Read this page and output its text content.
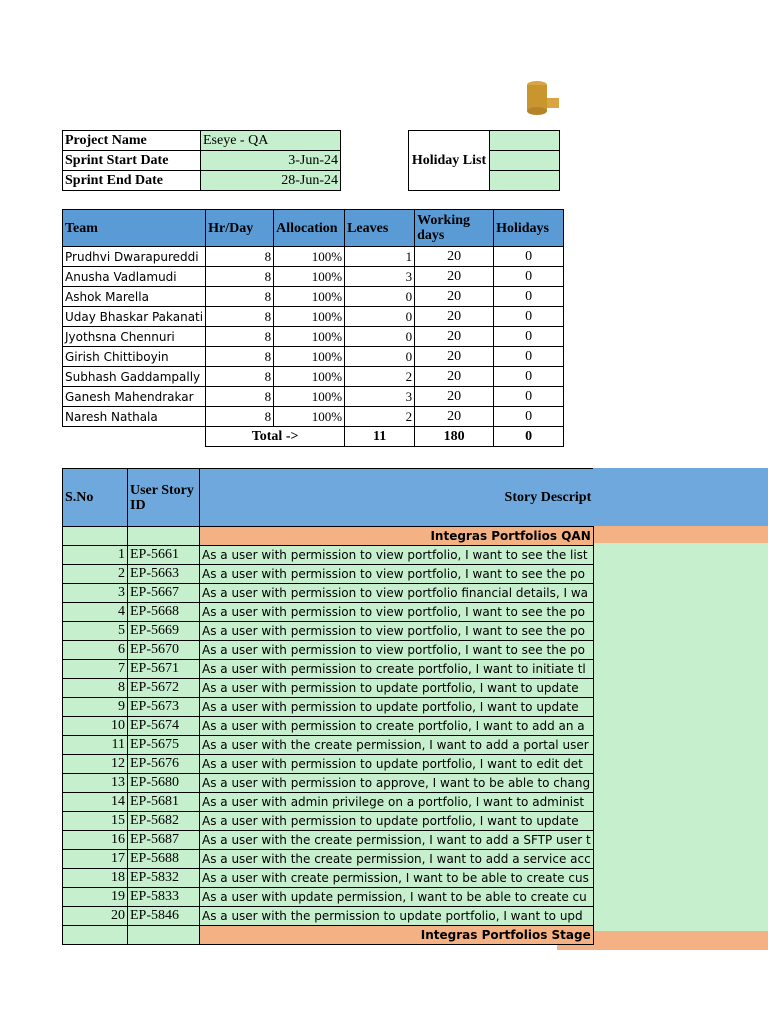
Project Name	Eseye - QA
Sprint Start Date	3-Jun-24
Sprint End Date	28-Jun-24
Holiday List	

Team	Hr/Day	Allocation	Leaves	Working days	Holidays
Prudhvi Dwarapureddi	8	100%	1	20	0
Anusha Vadlamudi	8	100%	3	20	0
Ashok Marella	8	100%	0	20	0
Uday Bhaskar Pakanati	8	100%	0	20	0
Jyothsna Chennuri	8	100%	0	20	0
Girish Chittiboyin	8	100%	0	20	0
Subhash Gaddampally	8	100%	2	20	0
Ganesh Mahendrakar	8	100%	3	20	0
Naresh Nathala	8	100%	2	20	0
	Total ->		11	180	0
S.No	User Story ID	Story Descript
		Integras Portfolios QAN
1	EP-5661	As a user with permission to view portfolio, I want to see the list
2	EP-5663	As a user with permission to view portfolio, I want to see the po
3	EP-5667	As a user with permission to view portfolio financial details, I wa
4	EP-5668	As a user with permission to view portfolio, I want to see the po
5	EP-5669	As a user with permission to view portfolio, I want to see the po
6	EP-5670	As a user with permission to view portfolio, I want to see the po
7	EP-5671	As a user with permission to create portfolio, I want to initiate tl
8	EP-5672	As a user with permission to update portfolio, I want to update
9	EP-5673	As a user with permission to update portfolio, I want to update
10	EP-5674	As a user with permission to create portfolio, I want to add an a
11	EP-5675	As a user with the create permission, I want to add a portal user
12	EP-5676	As a user with permission to update portfolio, I want to edit det
13	EP-5680	As a user with permission to approve, I want to be able to chang
14	EP-5681	As a user with admin privilege on a portfolio, I want to administ
15	EP-5682	As a user with permission to update portfolio, I want to update
16	EP-5687	As a user with the create permission, I want to add a SFTP user t
17	EP-5688	As a user with the create permission, I want to add a service acc
18	EP-5832	As a user with create permission, I want to be able to create cus
19	EP-5833	As a user with update permission, I want to be able to create cu
20	EP-5846	As a user with the permission to update portfolio, I want to upd
		Integras Portfolios Stage
